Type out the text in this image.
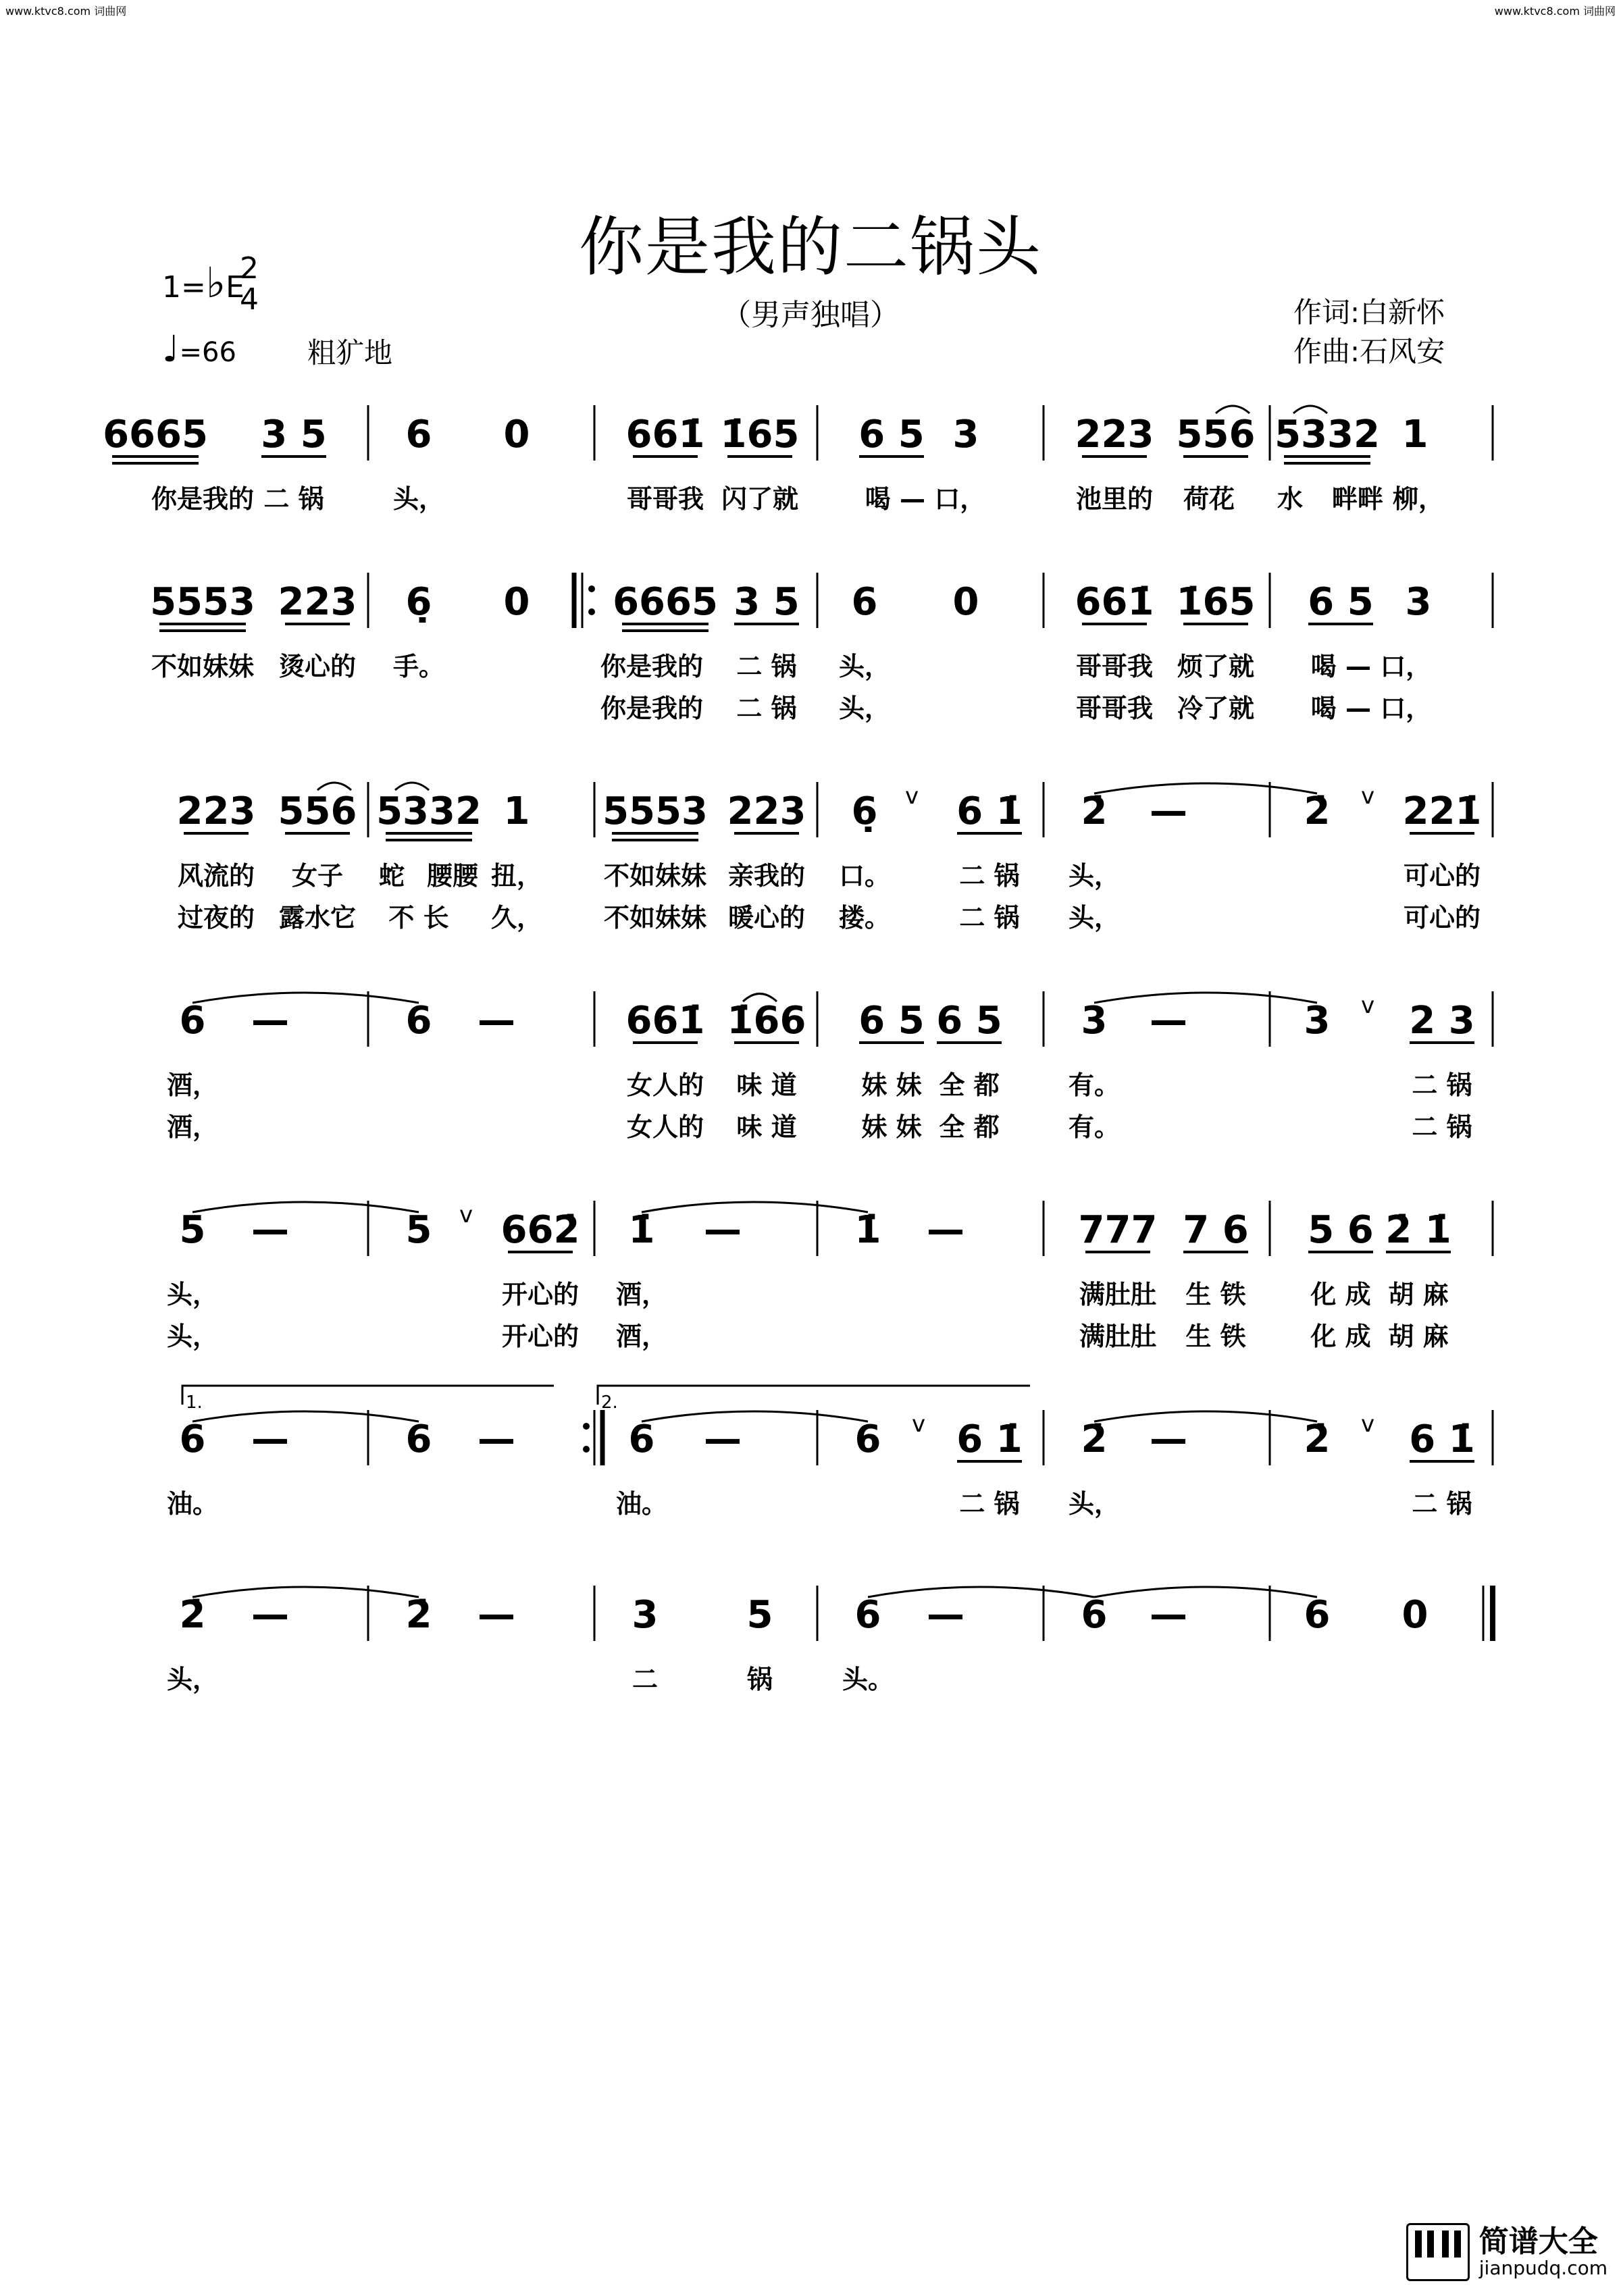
www.ktvc8.com 词曲网	www.ktvc8.com 词曲网
你是我的二锅头
（男声独唱）
1=♭E
2
4
♩=66	粗犷地
作词:白新怀
作曲:石风安
1.	2.
v	v
v
v
v	v
6665 3 5 6 0	661̇ 1̇65 6 5 3	223 556 5332 1
你是我的 二 锅	头，	哥哥我 闪了就	喝 — 口，	池里的 荷花 水 畔畔 柳，
5553 223 6̣ 0 6665 3 5 6 0	661̇ 1̇65 6 5 3
不如妹妹 烫心的 手。	你是我的 二 锅 头，	哥哥我 烦了就 喝 — 口，
你是我的 二 锅 头，	哥哥我 冷了就 喝 — 口，
223 556 5332 1 5553 223 6̣ 6 1̇ 2̇ —	2̇ 221̇
风流的 女子 蛇 腰腰 扭， 不如妹妹 亲我的 口。	二 锅 头，	可心的
过夜的 露水它 不 长 久， 不如妹妹 暖心的 搂。	二 锅 头，	可心的
6 —	6 —	661̇ 1̇66 6 5 6 5 3 —	3 2 3
酒，	女人的 味 道	妹 妹 全 都	有。	二 锅
酒，	女人的 味 道	妹 妹 全 都	有。	二 锅
5 —	5 662̇ 1̇ —	1̇ —	777 7 6 5 6 2̇ 1̇
头，	开心的 酒，	满肚肚 生 铁	化 成 胡 麻
头，	开心的 酒，	满肚肚 生 铁	化 成 胡 麻
6 —	6 —	6 —	6 6 1̇ 2̇ —	2̇ 6 1̇
油。	油。	二 锅 头，	二 锅
2̇ —	2̇ —	3 5 6 —	6 —	6 0
头，	二	锅	头。
简谱大全
jianpudq.com
